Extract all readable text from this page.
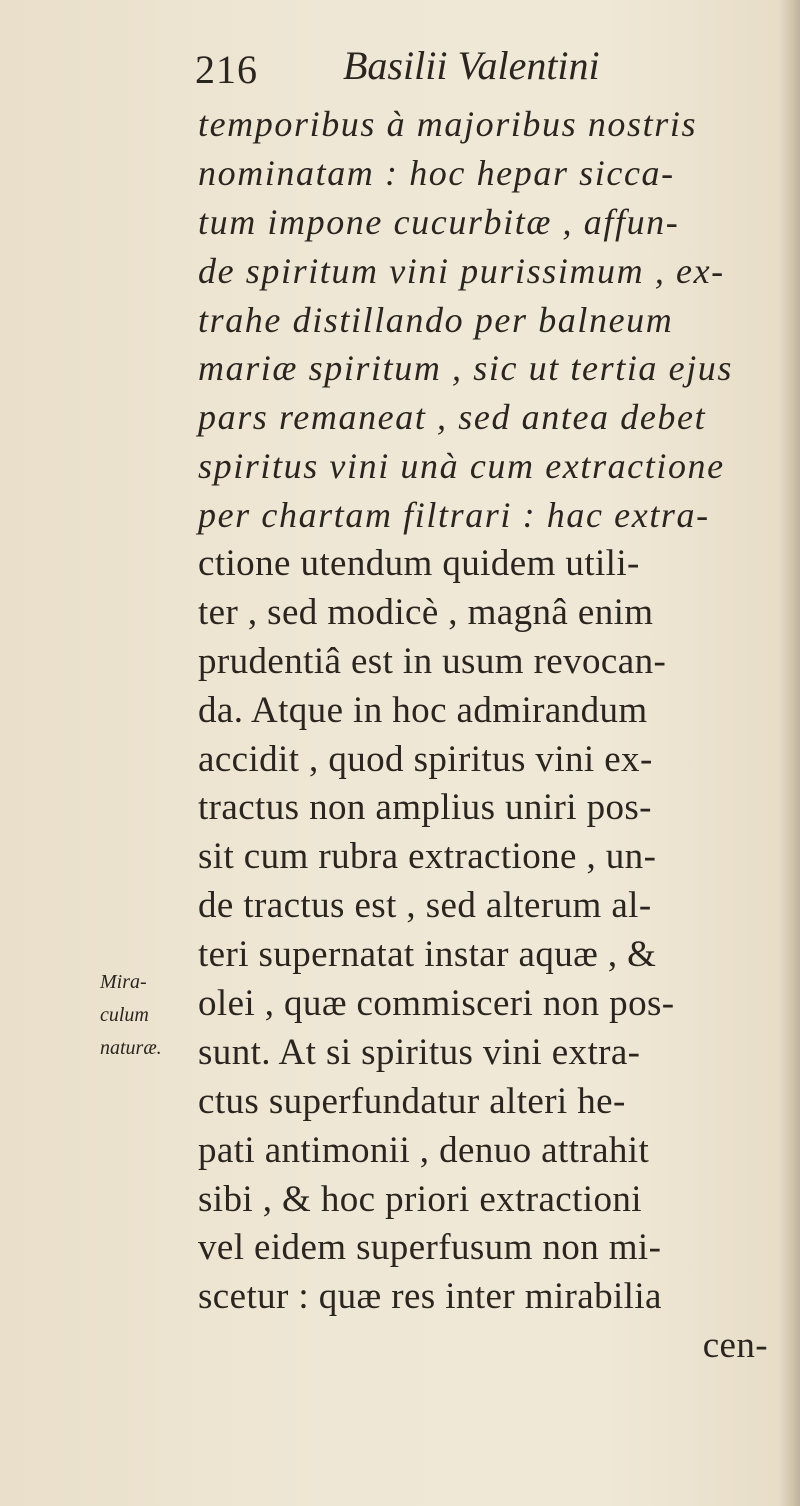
216 Basilii Valentini
temporibus à majoribus nostris
nominatam : hoc hepar sicca-
tum impone cucurbitæ , affun-
de spiritum vini purissimum , ex-
trahe distillando per balneum
mariæ spiritum , sic ut tertia ejus
pars remaneat , sed antea debet
spiritus vini unà cum extractione
per chartam filtrari : hac extra-
ctione utendum quidem utili-
ter , sed modicè , magnâ enim
prudentiâ est in usum revocan-
da. Atque in hoc admirandum
accidit , quod spiritus vini ex-
tractus non amplius uniri pos-
sit cum rubra extractione , un-
de tractus est , sed alterum al-
teri supernatat instar aquæ , &
olei , quæ commisceri non pos-
sunt. At si spiritus vini extra-
ctus superfundatur alteri he-
pati antimonii , denuo attrahit
sibi , & hoc priori extractioni
vel eidem superfusum non mi-
scetur : quæ res inter mirabilia
cen-
Mira-
culum
naturæ.
